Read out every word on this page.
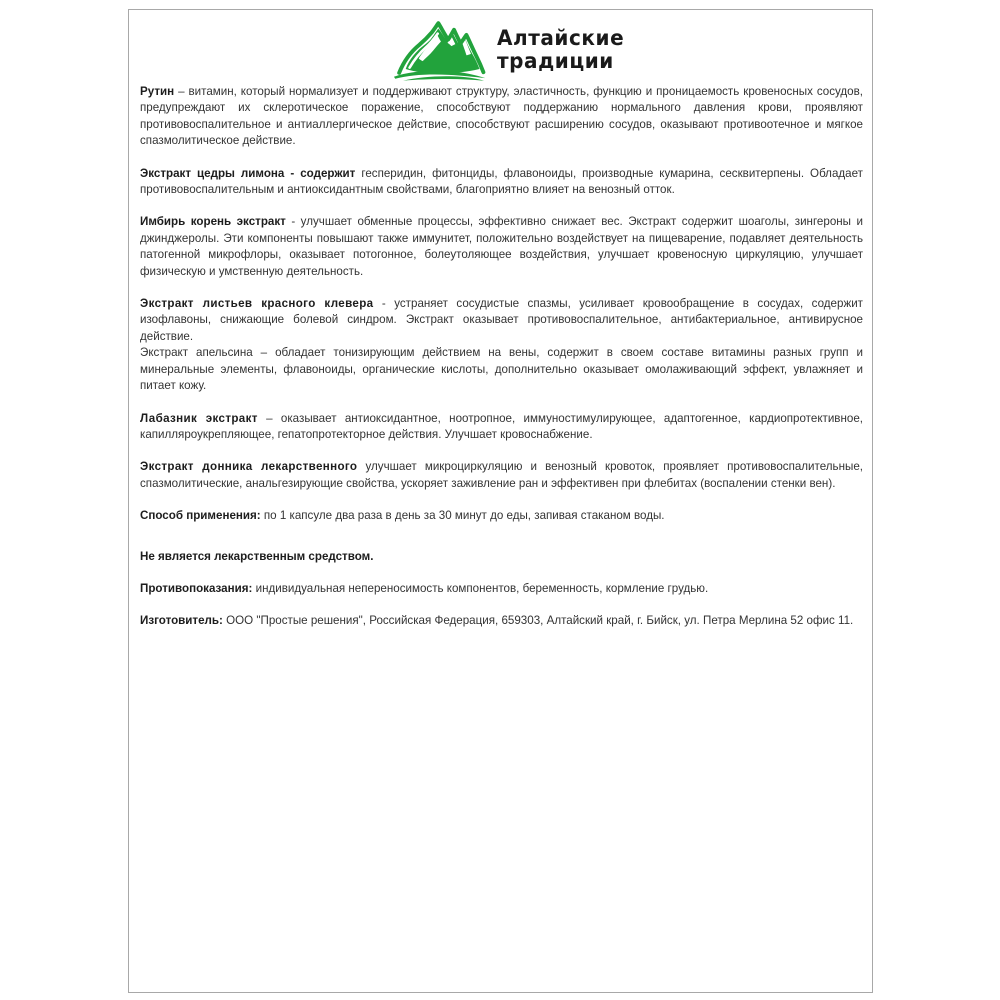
Алтайские
традиции

Рутин – витамин, который нормализует и поддерживают структуру, эластичность, функцию и проницаемость кровеносных сосудов, предупреждают их склеротическое поражение, способствуют поддержанию нормального давления крови, проявляют противовоспалительное и антиаллергическое действие, способствуют расширению сосудов, оказывают противоотечное и мягкое спазмолитическое действие.

Экстракт цедры лимона - содержит гесперидин, фитонциды, флавоноиды, производные кумарина, сесквитерпены. Обладает противовоспалительным и антиоксидантным свойствами, благоприятно влияет на венозный отток.

Имбирь корень экстракт - улучшает обменные процессы, эффективно снижает вес. Экстракт содержит шоаголы, зингероны и джинджеролы. Эти компоненты повышают также иммунитет, положительно воздействует на пищеварение, подавляет деятельность патогенной микрофлоры, оказывает потогонное, болеутоляющее воздействия, улучшает кровеносную циркуляцию, улучшает физическую и умственную деятельность.

Экстракт листьев красного клевера - устраняет сосудистые спазмы, усиливает кровообращение в сосудах, содержит изофлавоны, снижающие болевой синдром. Экстракт оказывает противовоспалительное, антибактериальное, антивирусное действие.

Экстракт апельсина – обладает тонизирующим действием на вены, содержит в своем составе витамины разных групп и минеральные элементы, флавоноиды, органические кислоты, дополнительно оказывает омолаживающий эффект, увлажняет и питает кожу.

Лабазник экстракт – оказывает антиоксидантное, ноотропное, иммуностимулирующее, адаптогенное, кардиопротективное, капилляроукрепляющее, гепатопротекторное действия. Улучшает кровоснабжение.

Экстракт донника лекарственного улучшает микроциркуляцию и венозный кровоток, проявляет противовоспалительные, спазмолитические, анальгезирующие свойства, ускоряет заживление ран и эффективен при флебитах (воспалении стенки вен).

Способ применения: по 1 капсуле два раза в день за 30 минут до еды, запивая стаканом воды.

Не является лекарственным средством.

Противопоказания: индивидуальная непереносимость компонентов, беременность, кормление грудью.

Изготовитель: ООО "Простые решения", Российская Федерация, 659303, Алтайский край, г. Бийск, ул. Петра Мерлина 52 офис 11.
